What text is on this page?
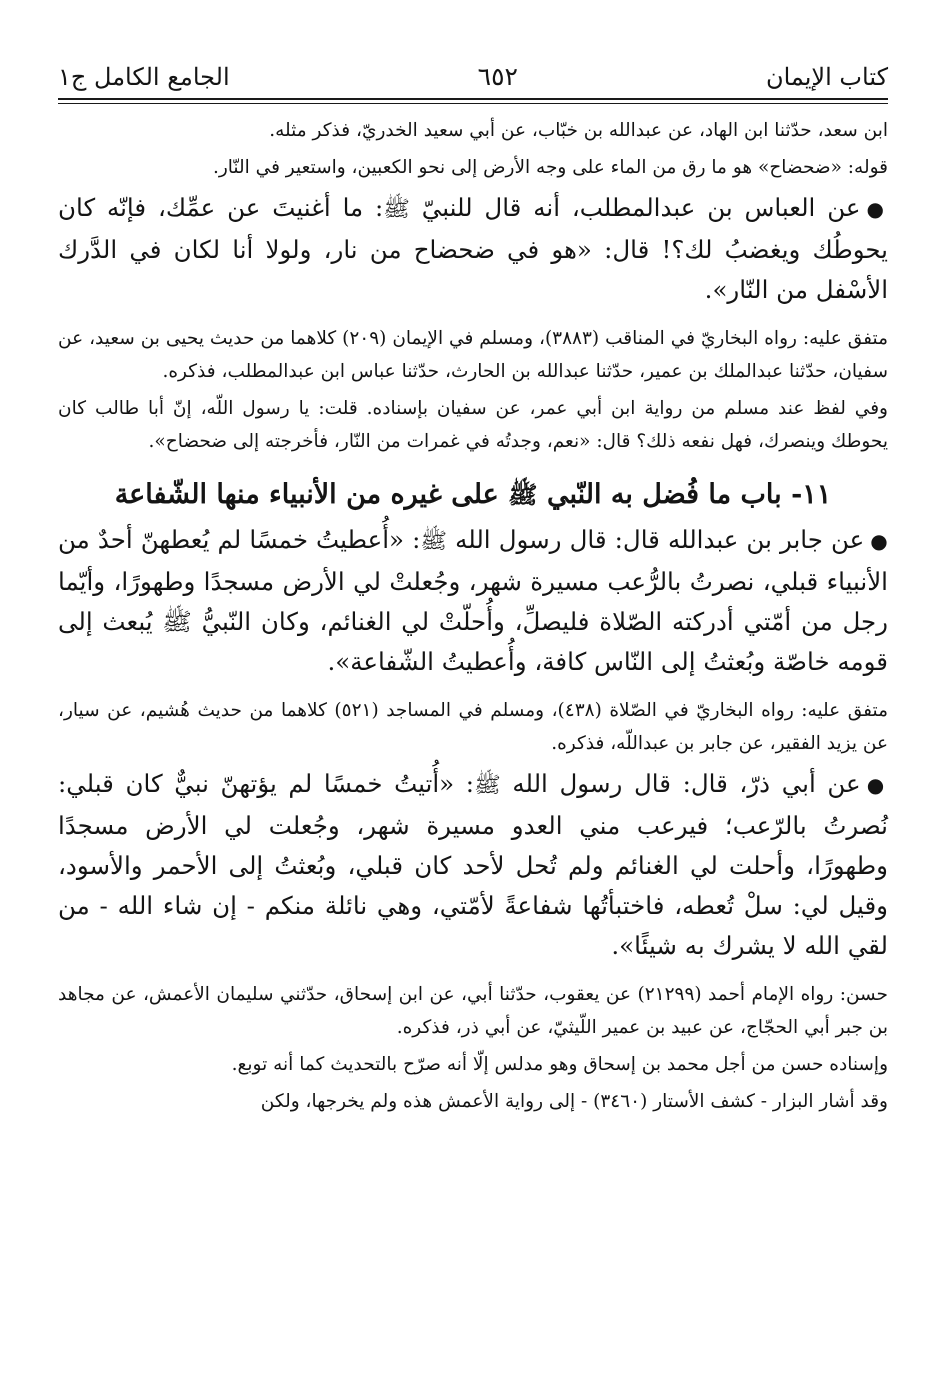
كتاب الإيمان
٦٥٢
الجامع الكامل ج١

ابن سعد، حدّثنا ابن الهاد، عن عبدالله بن خبّاب، عن أبي سعيد الخدريّ، فذكر مثله.

قوله: «ضحضاح» هو ما رق من الماء على وجه الأرض إلى نحو الكعبين، واستعير في النّار.

●عن العباس بن عبدالمطلب، أنه قال للنبيّ ﷺ: ما أغنيتَ عن عمِّك، فإنّه كان يحوطُك ويغضبُ لك؟! قال: «هو في ضحضاح من نار، ولولا أنا لكان في الدَّرك الأسْفل من النّار».

متفق عليه: رواه البخاريّ في المناقب (٣٨٨٣)، ومسلم في الإيمان (٢٠٩) كلاهما من حديث يحيى بن سعيد، عن سفيان، حدّثنا عبدالملك بن عمير، حدّثنا عبدالله بن الحارث، حدّثنا عباس ابن عبدالمطلب، فذكره.

وفي لفظ عند مسلم من رواية ابن أبي عمر، عن سفيان بإسناده. قلت: يا رسول اللّه، إنّ أبا طالب كان يحوطك وينصرك، فهل نفعه ذلك؟ قال: «نعم، وجدتُه في غمرات من النّار، فأخرجته إلى ضحضاح».

١١- باب ما فُضل به النّبي ﷺ على غيره من الأنبياء منها الشّفاعة

●عن جابر بن عبدالله قال: قال رسول الله ﷺ: «أُعطيتُ خمسًا لم يُعطهنّ أحدٌ من الأنبياء قبلي، نصرتُ بالرُّعب مسيرة شهر، وجُعلتْ لي الأرض مسجدًا وطهورًا، وأيّما رجل من أمّتي أدركته الصّلاة فليصلِّ، وأُحلّتْ لي الغنائم، وكان النّبيُّ ﷺ يُبعث إلى قومه خاصّة وبُعثتُ إلى النّاس كافة، وأُعطيتُ الشّفاعة».

متفق عليه: رواه البخاريّ في الصّلاة (٤٣٨)، ومسلم في المساجد (٥٢١) كلاهما من حديث هُشيم، عن سيار، عن يزيد الفقير، عن جابر بن عبداللّه، فذكره.

●عن أبي ذرّ، قال: قال رسول الله ﷺ: «أُتيتُ خمسًا لم يؤتهنّ نبيٌّ كان قبلي: نُصرتُ بالرّعب؛ فيرعب مني العدو مسيرة شهر، وجُعلت لي الأرض مسجدًا وطهورًا، وأحلت لي الغنائم ولم تُحل لأحد كان قبلي، وبُعثتُ إلى الأحمر والأسود، وقيل لي: سلْ تُعطه، فاختبأتُها شفاعةً لأمّتي، وهي نائلة منكم - إن شاء الله - من لقي الله لا يشرك به شيئًا».

حسن: رواه الإمام أحمد (٢١٢٩٩) عن يعقوب، حدّثنا أبي، عن ابن إسحاق، حدّثني سليمان الأعمش، عن مجاهد بن جبر أبي الحجّاج، عن عبيد بن عمير اللّيثيّ، عن أبي ذر، فذكره.

وإسناده حسن من أجل محمد بن إسحاق وهو مدلس إلّا أنه صرّح بالتحديث كما أنه توبع.

وقد أشار البزار - كشف الأستار (٣٤٦٠) - إلى رواية الأعمش هذه ولم يخرجها، ولكن
